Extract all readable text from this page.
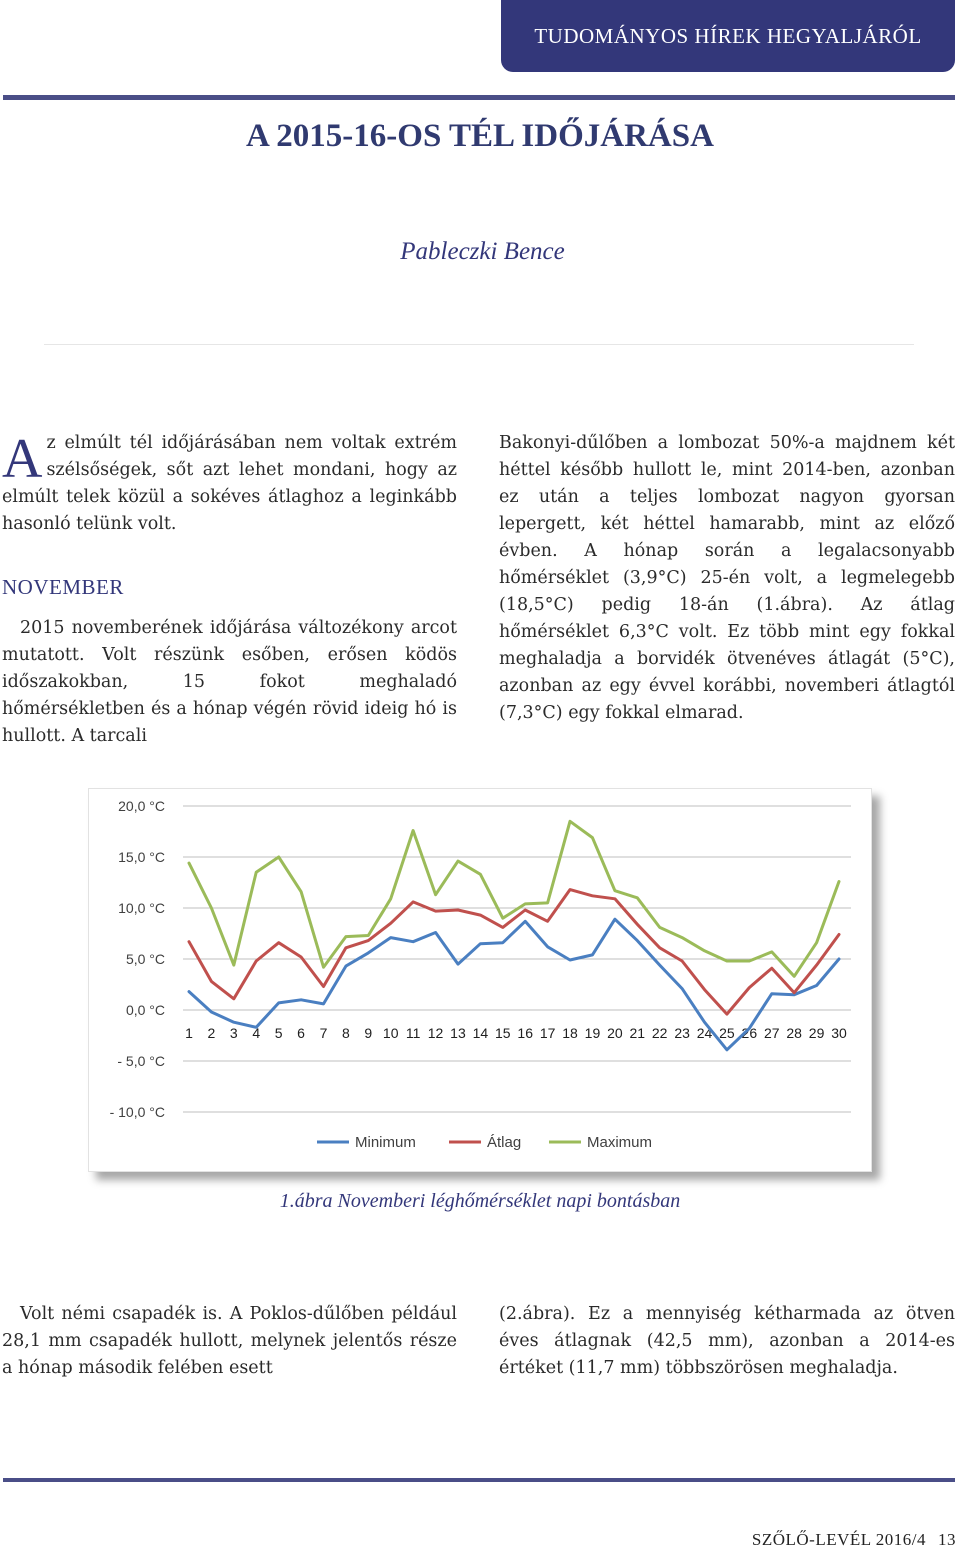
TUDOMÁNYOS HÍREK HEGYALJÁRÓL
A 2015-16-OS TÉL IDŐJÁRÁSA
Pableczki Bence

Az elmúlt tél időjárásában nem voltak extrém szélsőségek, sőt azt lehet mondani, hogy az elmúlt telek közül a sokéves átlaghoz a leginkább hasonló telünk volt.

NOVEMBER

2015 novemberének időjárása változékony arcot mutatott. Volt részünk esőben, erősen ködös időszakokban, 15 fokot meghaladó hőmérsékletben és a hónap végén rövid ideig hó is hullott. A tarcali

Bakonyi-dűlőben a lombozat 50%-a majdnem két héttel később hullott le, mint 2014-ben, azonban ez után a teljes lombozat nagyon gyorsan lepergett, két héttel hamarabb, mint az előző évben. A hónap során a legalacsonyabb hőmérséklet (3,9°C) 25-én volt, a legmelegebb (18,5°C) pedig 18-án (1.ábra). Az átlag hőmérséklet 6,3°C volt. Ez több mint egy fokkal meghaladja a borvidék ötvenéves átlagát (5°C), azonban az egy évvel korábbi, novemberi átlagtól (7,3°C) egy fokkal elmarad.

20,0 °C
15,0 °C
10,0 °C
5,0 °C
0,0 °C
- 5,0 °C
- 10,0 °C
1 2 3 4 5 6 7 8 9 10 11 12 13 14 15 16 17 18 19 20 21 22 23 24 25 26 27 28 29 30
Minimum	Átlag	Maximum
1.ábra Novemberi léghőmérséklet napi bontásban

Volt némi csapadék is. A Poklos-dűlőben például 28,1 mm csapadék hullott, melynek jelentős része a hónap második felében esett

(2.ábra). Ez a mennyiség kétharmada az ötven éves átlagnak (42,5 mm), azonban a 2014-es értéket (11,7 mm) többszörösen meghaladja.

SZŐLŐ-LEVÉL 2016/4 13
